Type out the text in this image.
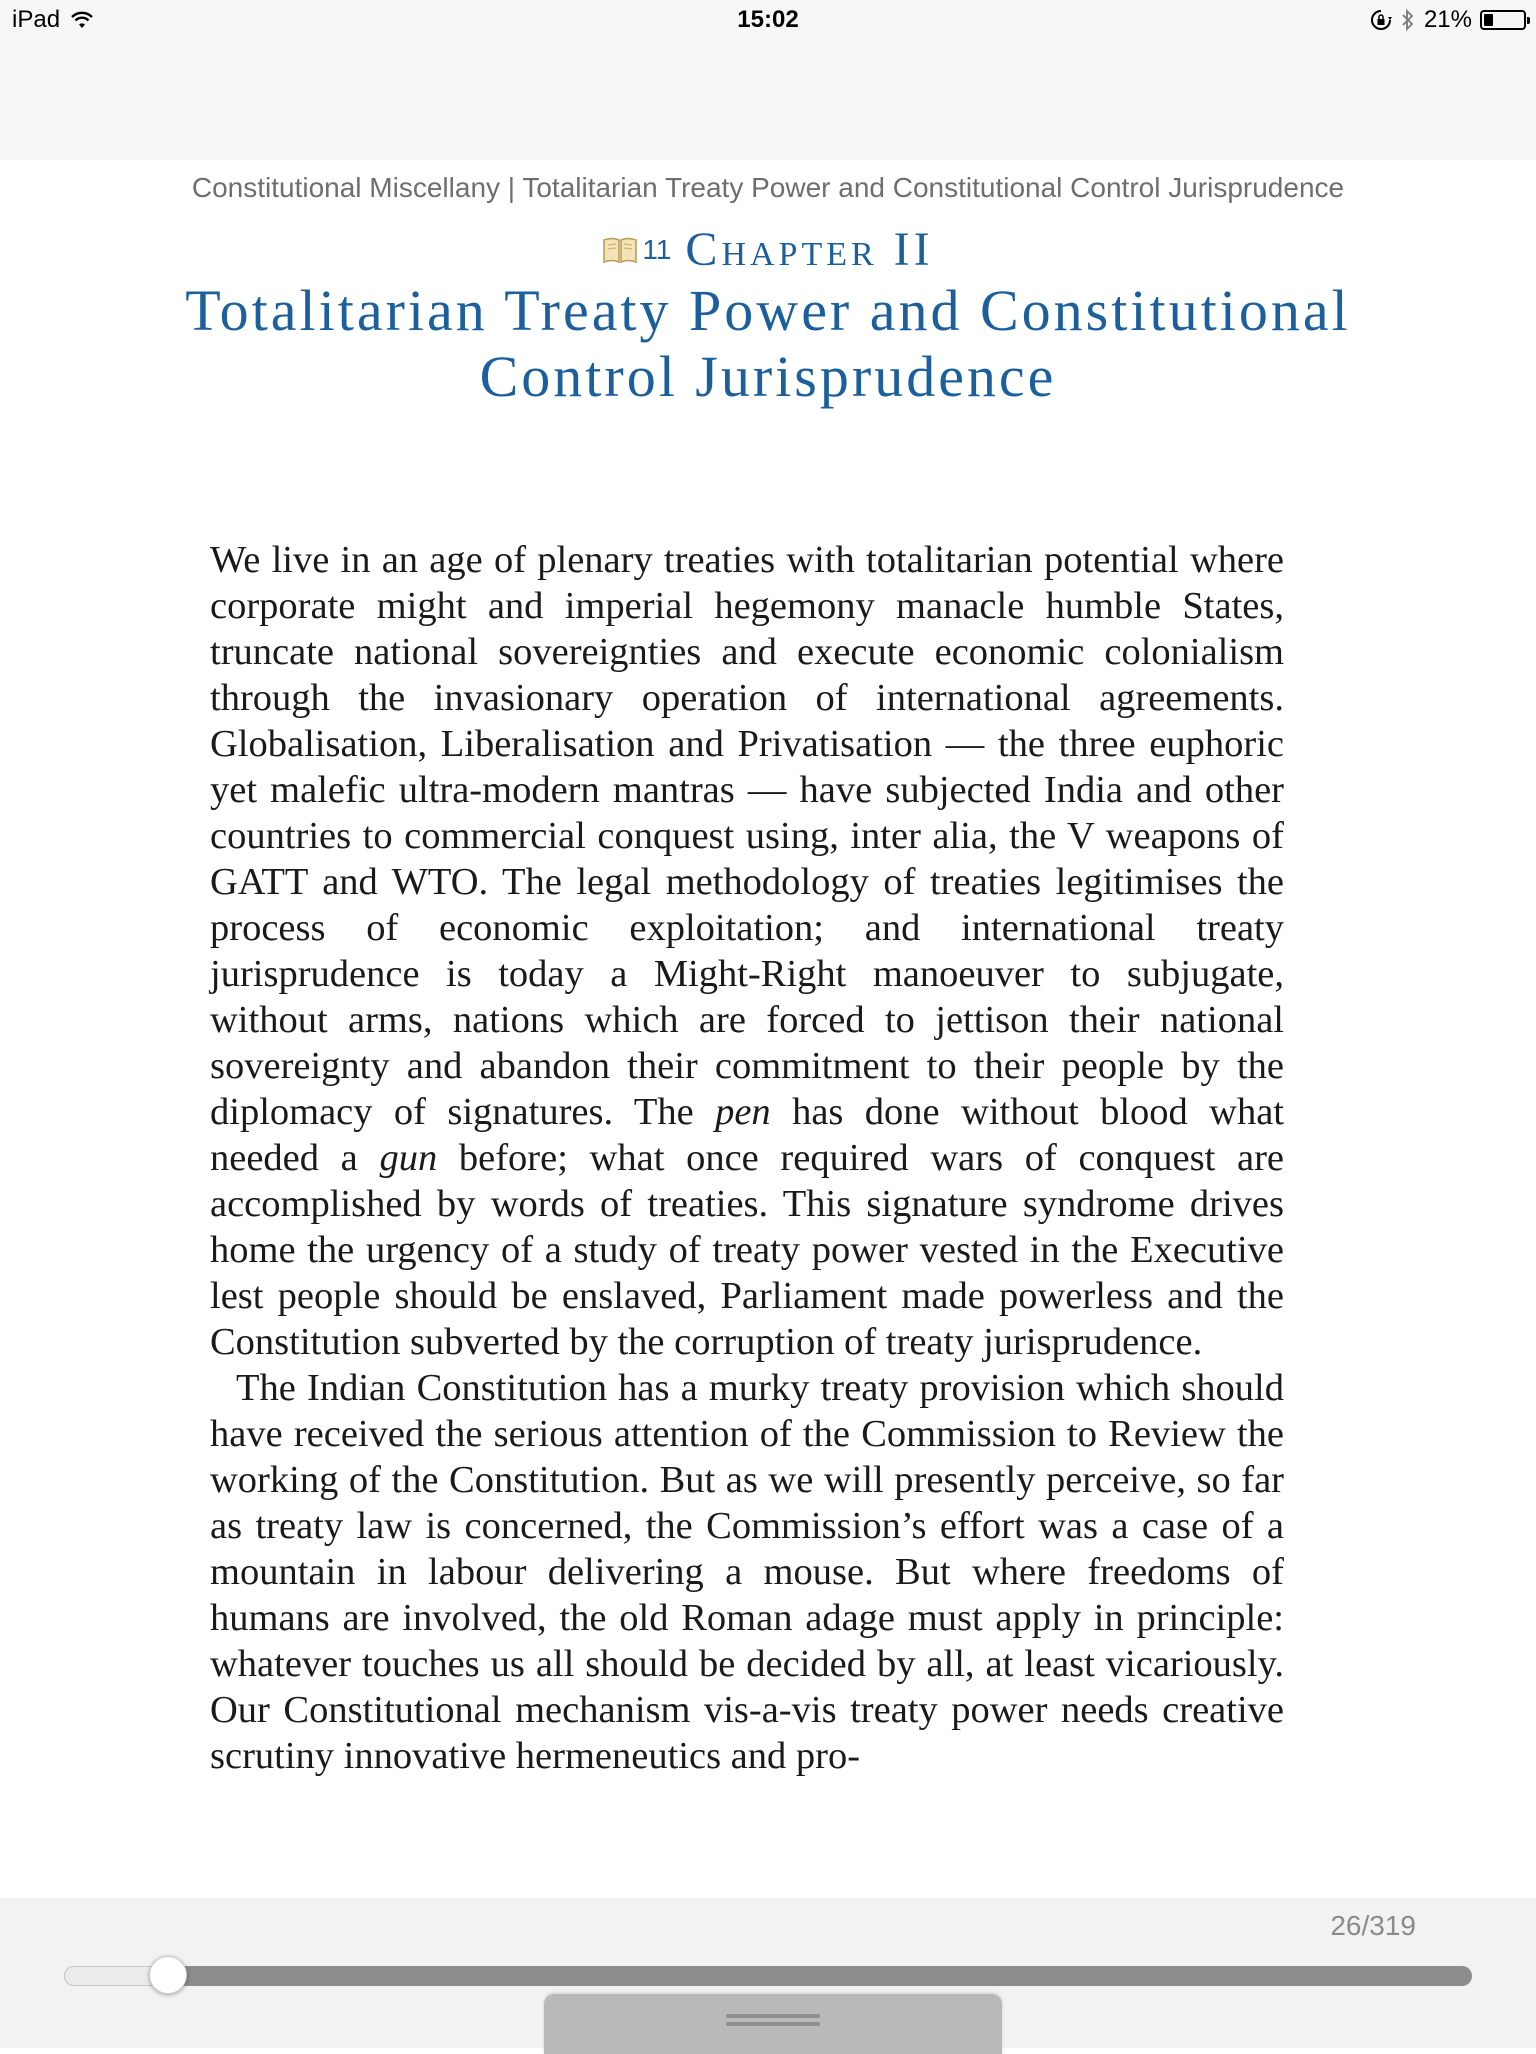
iPad	15:02	21%
Constitutional Miscellany | Totalitarian Treaty Power and Constitutional Control Jurisprudence
11 Chapter II
Totalitarian Treaty Power and Constitutional Control Jurisprudence

We live in an age of plenary treaties with totalitarian potential where corporate might and imperial hegemony manacle humble States, truncate national sovereignties and execute economic colonialism through the invasionary operation of international agreements. Globalisation, Liberalisation and Privatisation — the three euphoric yet malefic ultra-modern mantras — have subjected India and other countries to commercial conquest using, inter alia, the V weapons of GATT and WTO. The legal methodology of treaties legitimises the process of economic exploitation; and international treaty jurisprudence is today a Might-Right manoeuver to subjugate, without arms, nations which are forced to jettison their national sovereignty and abandon their commitment to their people by the diplomacy of signatures. The pen has done without blood what needed a gun before; what once required wars of conquest are accomplished by words of treaties. This signature syndrome drives home the urgency of a study of treaty power vested in the Executive lest people should be enslaved, Parliament made powerless and the Constitution subverted by the corruption of treaty jurisprudence.

The Indian Constitution has a murky treaty provision which should have received the serious attention of the Commission to Review the working of the Constitution. But as we will presently perceive, so far as treaty law is concerned, the Commission’s effort was a case of a mountain in labour delivering a mouse. But where freedoms of humans are involved, the old Roman adage must apply in principle: whatever touches us all should be decided by all, at least vicariously. Our Constitutional mechanism vis-a-vis treaty power needs creative scrutiny innovative hermeneutics and pro-

26/319
